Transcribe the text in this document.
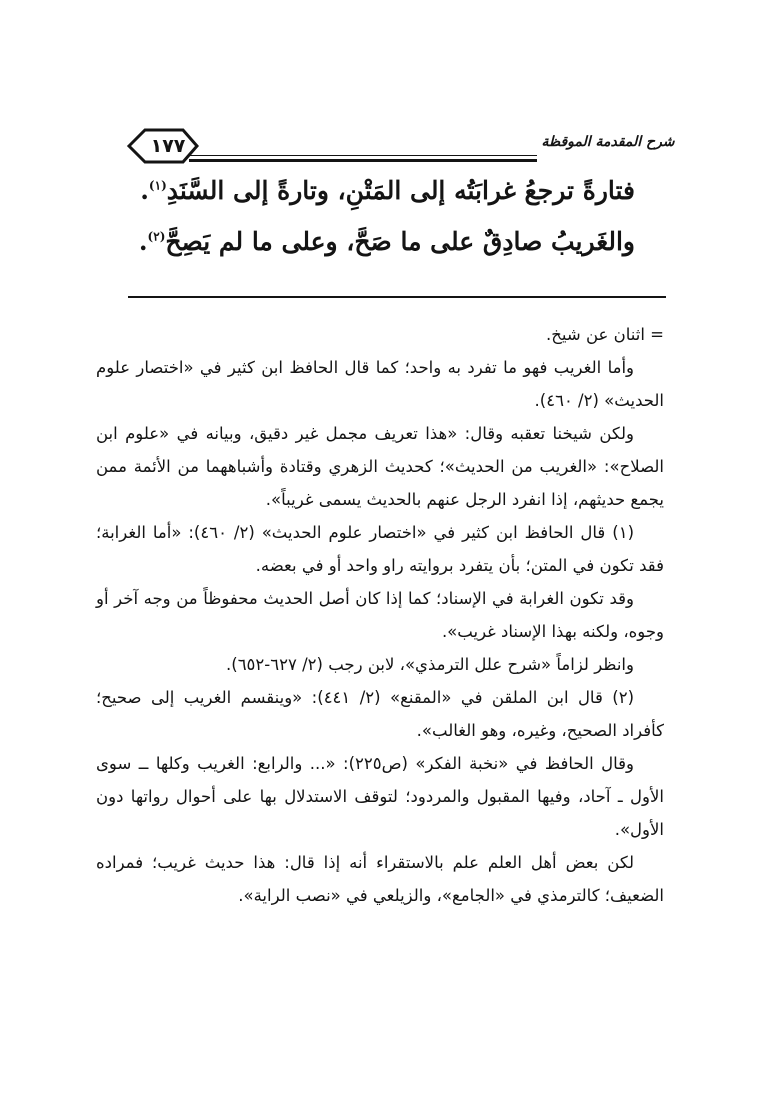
١٧٧	شرح المقدمة الموقظة
فتارةً ترجعُ غرابَتُه إلى المَتْنِ، وتارةً إلى السَّنَدِ$^{(١)}$.
والغَريبُ صادِقٌ على ما صَحَّ، وعلى ما لم يَصِحَّ$^{(٢)}$.

= اثنان عن شيخ.

وأما الغريب فهو ما تفرد به واحد؛ كما قال الحافظ ابن كثير في «اختصار علوم الحديث» (٢/ ٤٦٠).

ولكن شيخنا تعقبه وقال: «هذا تعريف مجمل غير دقيق، وبيانه في «علوم ابن الصلاح»: «الغريب من الحديث»؛ كحديث الزهري وقتادة وأشباههما من الأئمة ممن يجمع حديثهم، إذا انفرد الرجل عنهم بالحديث يسمى غريباً».

(١) قال الحافظ ابن كثير في «اختصار علوم الحديث» (٢/ ٤٦٠): «أما الغرابة؛ فقد تكون في المتن؛ بأن يتفرد بروايته راو واحد أو في بعضه.

وقد تكون الغرابة في الإسناد؛ كما إذا كان أصل الحديث محفوظاً من وجه آخر أو وجوه، ولكنه بهذا الإسناد غريب».

وانظر لزاماً «شرح علل الترمذي»، لابن رجب (٢/ ٦٢٧-٦٥٢).

(٢) قال ابن الملقن في «المقنع» (٢/ ٤٤١): «وينقسم الغريب إلى صحيح؛ كأفراد الصحيح، وغيره، وهو الغالب».

وقال الحافظ في «نخبة الفكر» (ص٢٢٥): «... والرابع: الغريب وكلها ــ سوى الأول ـ آحاد، وفيها المقبول والمردود؛ لتوقف الاستدلال بها على أحوال رواتها دون الأول».

لكن بعض أهل العلم علم بالاستقراء أنه إذا قال: هذا حديث غريب؛ فمراده الضعيف؛ كالترمذي في «الجامع»، والزيلعي في «نصب الراية».
